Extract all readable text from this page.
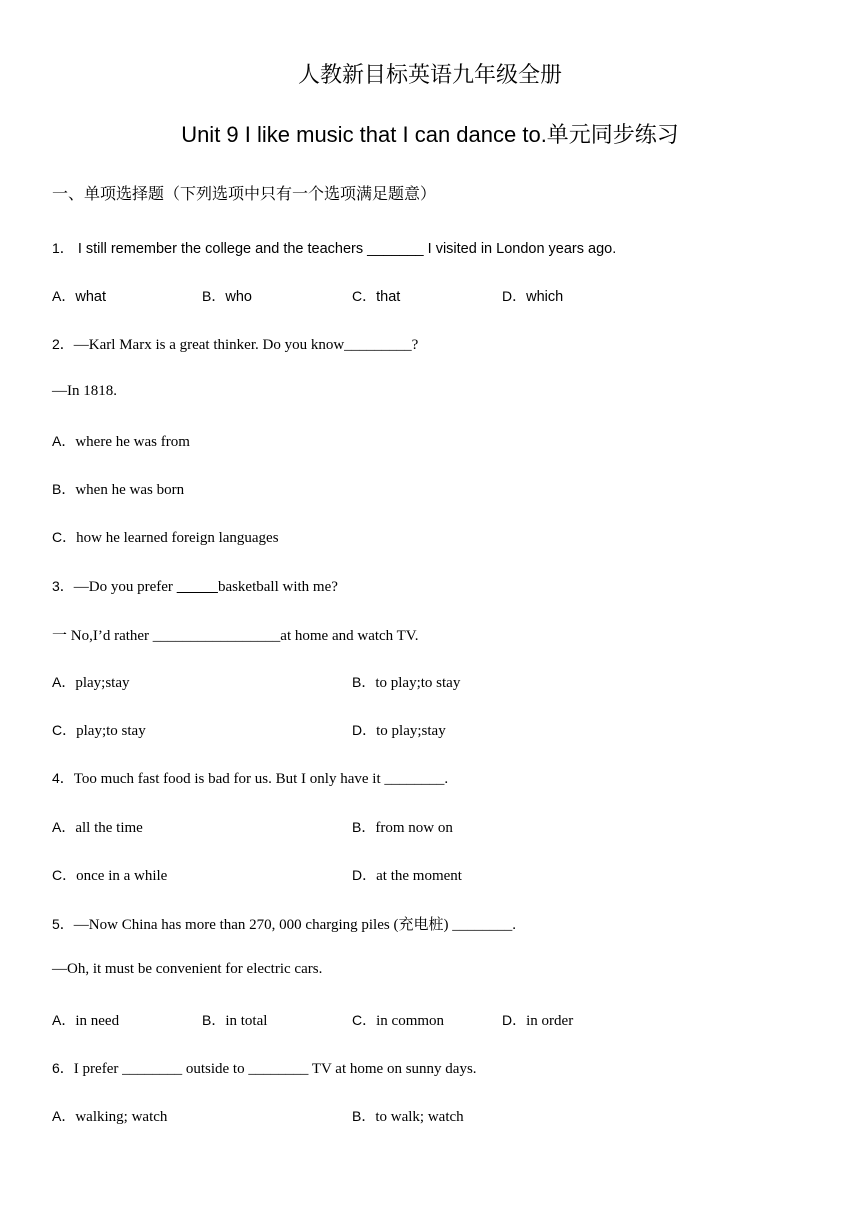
人教新目标英语九年级全册
Unit 9 I like music that I can dance to.单元同步练习
一、单项选择题（下列选项中只有一个选项满足题意）
1． I still remember the college and the teachers _______ I visited in London years ago.
A．what	B．who	C．that	D．which
2．—Karl Marx is a great thinker. Do you know_________?
—In 1818.
A．where he was from
B．when he was born
C．how he learned foreign languages
3．—Do you prefer	basketball with me?
一 No,I’d rather _________________at home and watch TV.
A．play;stay	B．to play;to stay
C．play;to stay	D．to play;stay
4．Too much fast food is bad for us. But I only have it ________.
A．all the time	B．from now on
C．once in a while	D．at the moment
5．—Now China has more than 270, 000 charging piles (充电桩) ________.
—Oh, it must be convenient for electric cars.
A．in need	B．in total	C．in common	D．in order
6．I prefer ________ outside to ________ TV at home on sunny days.
A．walking; watch	B．to walk; watch
